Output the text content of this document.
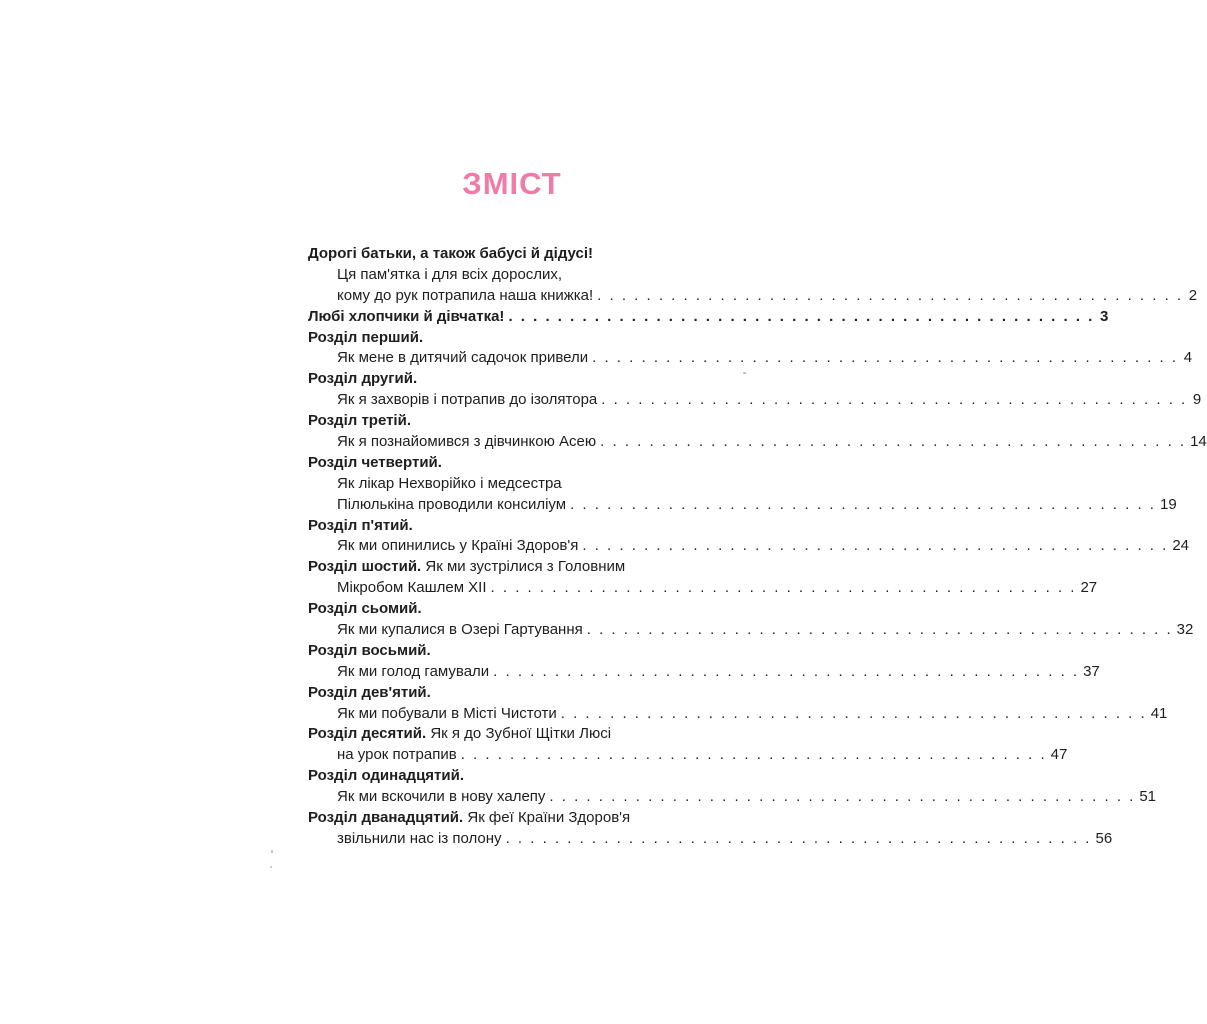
ЗМІСТ
Дорогі батьки, а також бабусі й дідусі!
Ця пам'ятка і для всіх дорослих,
кому до рук потрапила наша книжка! . . . . . . . . . . . . . . . . . . . . . . . . . . . . . . . . . . . . . . . . . . . . . . . . 2
Любі хлопчики й дівчатка! . . . . . . . . . . . . . . . . . . . . . . . . . . . . . . . . . . . . . . . . . . . . . . . . 3
Розділ перший.
Як мене в дитячий садочок привели . . . . . . . . . . . . . . . . . . . . . . . . . . . . . . . . . . . . . . . . . . . . . . . . 4
Розділ другий.
Як я захворів і потрапив до ізолятора . . . . . . . . . . . . . . . . . . . . . . . . . . . . . . . . . . . . . . . . . . . . . . . . 9
Розділ третій.
Як я познайомився з дівчинкою Асею . . . . . . . . . . . . . . . . . . . . . . . . . . . . . . . . . . . . . . . . . . . . . . . . 14
Розділ четвертий.
Як лікар Нехворійко і медсестра
Пілюлькіна проводили консиліум . . . . . . . . . . . . . . . . . . . . . . . . . . . . . . . . . . . . . . . . . . . . . . . . 19
Розділ п'ятий.
Як ми опинились у Країні Здоров'я . . . . . . . . . . . . . . . . . . . . . . . . . . . . . . . . . . . . . . . . . . . . . . . . 24
Розділ шостий. Як ми зустрілися з Головним
Мікробом Кашлем ХІІ . . . . . . . . . . . . . . . . . . . . . . . . . . . . . . . . . . . . . . . . . . . . . . . . 27
Розділ сьомий.
Як ми купалися в Озері Гартування . . . . . . . . . . . . . . . . . . . . . . . . . . . . . . . . . . . . . . . . . . . . . . . . 32
Розділ восьмий.
Як ми голод гамували . . . . . . . . . . . . . . . . . . . . . . . . . . . . . . . . . . . . . . . . . . . . . . . . 37
Розділ дев'ятий.
Як ми побували в Місті Чистоти . . . . . . . . . . . . . . . . . . . . . . . . . . . . . . . . . . . . . . . . . . . . . . . . 41
Розділ десятий. Як я до Зубної Щітки Люсі
на урок потрапив . . . . . . . . . . . . . . . . . . . . . . . . . . . . . . . . . . . . . . . . . . . . . . . . 47
Розділ одинадцятий.
Як ми вскочили в нову халепу . . . . . . . . . . . . . . . . . . . . . . . . . . . . . . . . . . . . . . . . . . . . . . . . 51
Розділ дванадцятий. Як феї Країни Здоров'я
звільнили нас із полону . . . . . . . . . . . . . . . . . . . . . . . . . . . . . . . . . . . . . . . . . . . . . . . . 56
